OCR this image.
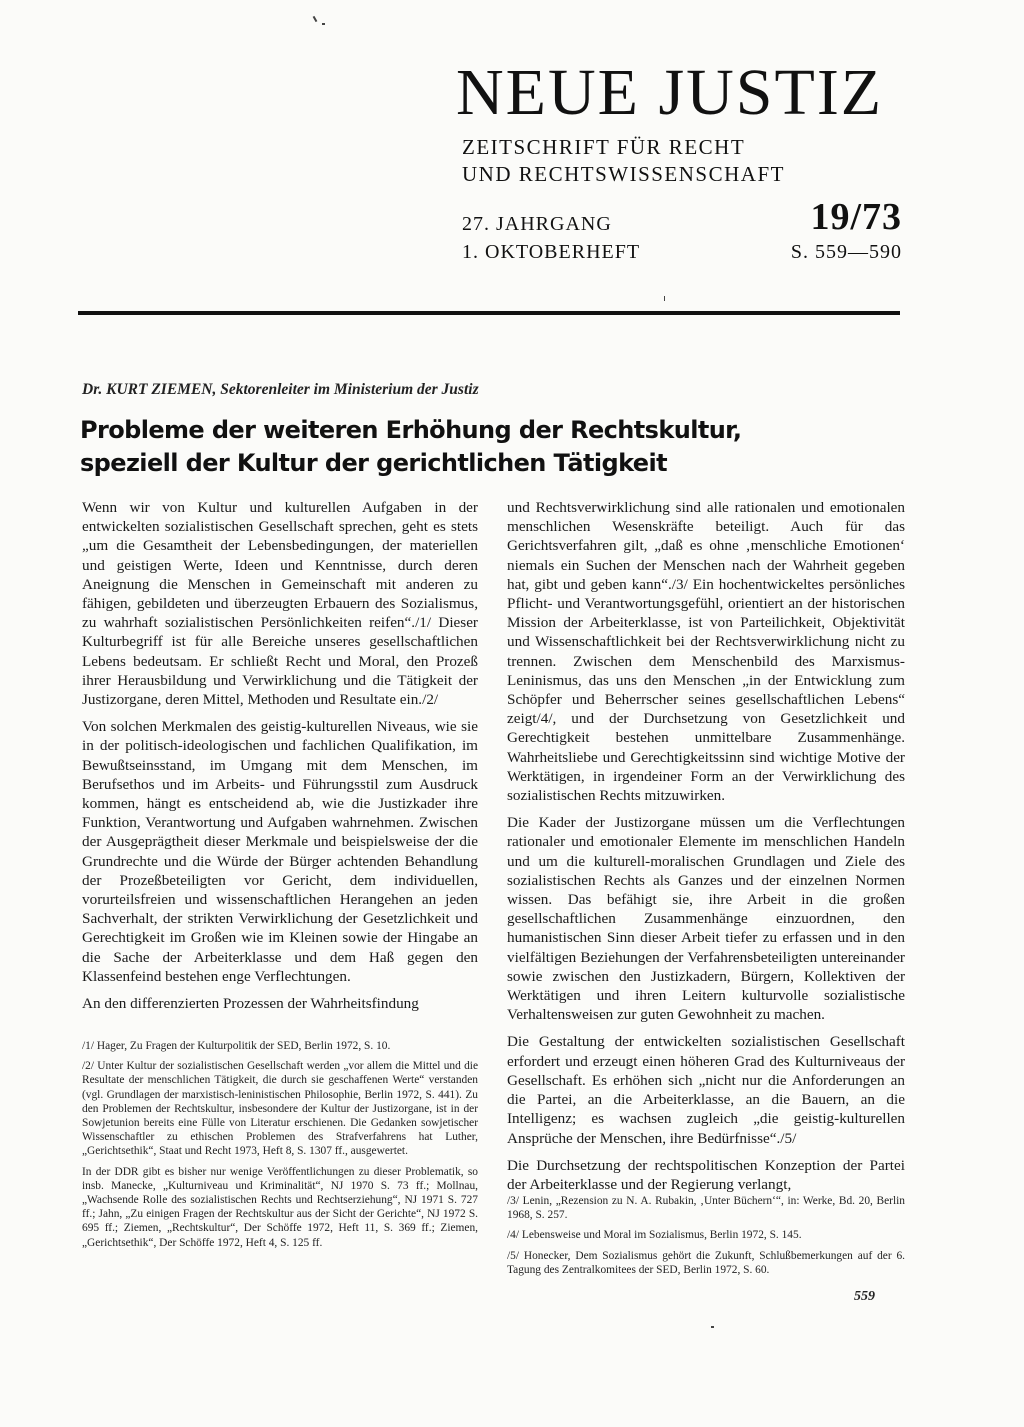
NEUE JUSTIZ
ZEITSCHRIFT FÜR RECHT
UND RECHTSWISSENSCHAFT
27. JAHRGANG
1. OKTOBERHEFT
19/73
S. 559—590
Dr. KURT ZIEMEN, Sektorenleiter im Ministerium der Justiz
Probleme der weiteren Erhöhung der Rechtskultur,
speziell der Kultur der gerichtlichen Tätigkeit

Wenn wir von Kultur und kulturellen Aufgaben in der entwickelten sozialistischen Gesellschaft sprechen, geht es stets „um die Gesamtheit der Lebensbedingungen, der materiellen und geistigen Werte, Ideen und Kenntnisse, durch deren Aneignung die Menschen in Gemeinschaft mit anderen zu fähigen, gebildeten und überzeugten Erbauern des Sozialismus, zu wahrhaft sozialistischen Persönlichkeiten reifen“./1/ Dieser Kulturbegriff ist für alle Bereiche unseres gesellschaftlichen Lebens bedeutsam. Er schließt Recht und Moral, den Prozeß ihrer Herausbildung und Verwirklichung und die Tätigkeit der Justizorgane, deren Mittel, Methoden und Resultate ein./2/

Von solchen Merkmalen des geistig-kulturellen Niveaus, wie sie in der politisch-ideologischen und fachlichen Qualifikation, im Bewußtseinsstand, im Umgang mit dem Menschen, im Berufsethos und im Arbeits- und Führungsstil zum Ausdruck kommen, hängt es entscheidend ab, wie die Justizkader ihre Funktion, Verantwortung und Aufgaben wahrnehmen. Zwischen der Ausgeprägtheit dieser Merkmale und beispielsweise der die Grundrechte und die Würde der Bürger achtenden Behandlung der Prozeßbeteiligten vor Gericht, dem individuellen, vorurteilsfreien und wissenschaftlichen Herangehen an jeden Sachverhalt, der strikten Verwirklichung der Gesetzlichkeit und Gerechtigkeit im Großen wie im Kleinen sowie der Hingabe an die Sache der Arbeiterklasse und dem Haß gegen den Klassenfeind bestehen enge Verflechtungen.

An den differenzierten Prozessen der Wahrheitsfindung

und Rechtsverwirklichung sind alle rationalen und emotionalen menschlichen Wesenskräfte beteiligt. Auch für das Gerichtsverfahren gilt, „daß es ohne ‚menschliche Emotionen‘ niemals ein Suchen der Menschen nach der Wahrheit gegeben hat, gibt und geben kann“./3/ Ein hochentwickeltes persönliches Pflicht- und Verantwortungsgefühl, orientiert an der historischen Mission der Arbeiterklasse, ist von Parteilichkeit, Objektivität und Wissenschaftlichkeit bei der Rechtsverwirklichung nicht zu trennen. Zwischen dem Menschenbild des Marxismus-Leninismus, das uns den Menschen „in der Entwicklung zum Schöpfer und Beherrscher seines gesellschaftlichen Lebens“ zeigt/4/, und der Durchsetzung von Gesetzlichkeit und Gerechtigkeit bestehen unmittelbare Zusammenhänge. Wahrheitsliebe und Gerechtigkeitssinn sind wichtige Motive der Werktätigen, in irgendeiner Form an der Verwirklichung des sozialistischen Rechts mitzuwirken.

Die Kader der Justizorgane müssen um die Verflechtungen rationaler und emotionaler Elemente im menschlichen Handeln und um die kulturell-moralischen Grundlagen und Ziele des sozialistischen Rechts als Ganzes und der einzelnen Normen wissen. Das befähigt sie, ihre Arbeit in die großen gesellschaftlichen Zusammenhänge einzuordnen, den humanistischen Sinn dieser Arbeit tiefer zu erfassen und in den vielfältigen Beziehungen der Verfahrensbeteiligten untereinander sowie zwischen den Justizkadern, Bürgern, Kollektiven der Werktätigen und ihren Leitern kulturvolle sozialistische Verhaltensweisen zur guten Gewohnheit zu machen.

Die Gestaltung der entwickelten sozialistischen Gesellschaft erfordert und erzeugt einen höheren Grad des Kulturniveaus der Gesellschaft. Es erhöhen sich „nicht nur die Anforderungen an die Partei, an die Arbeiterklasse, an die Bauern, an die Intelligenz; es wachsen zugleich „die geistig-kulturellen Ansprüche der Menschen, ihre Bedürfnisse“./5/

Die Durchsetzung der rechtspolitischen Konzeption der Partei der Arbeiterklasse und der Regierung verlangt,

/1/ Hager, Zu Fragen der Kulturpolitik der SED, Berlin 1972, S. 10.

/2/ Unter Kultur der sozialistischen Gesellschaft werden „vor allem die Mittel und die Resultate der menschlichen Tätigkeit, die durch sie geschaffenen Werte“ verstanden (vgl. Grundlagen der marxistisch-leninistischen Philosophie, Berlin 1972, S. 441). Zu den Problemen der Rechtskultur, insbesondere der Kultur der Justizorgane, ist in der Sowjetunion bereits eine Fülle von Literatur erschienen. Die Gedanken sowjetischer Wissenschaftler zu ethischen Problemen des Strafverfahrens hat Luther, „Gerichtsethik“, Staat und Recht 1973, Heft 8, S. 1307 ff., ausgewertet.

In der DDR gibt es bisher nur wenige Veröffentlichungen zu dieser Problematik, so insb. Manecke, „Kulturniveau und Kriminalität“, NJ 1970 S. 73 ff.; Mollnau, „Wachsende Rolle des sozialistischen Rechts und Rechtserziehung“, NJ 1971 S. 727 ff.; Jahn, „Zu einigen Fragen der Rechtskultur aus der Sicht der Gerichte“, NJ 1972 S. 695 ff.; Ziemen, „Rechtskultur“, Der Schöffe 1972, Heft 11, S. 369 ff.; Ziemen, „Gerichtsethik“, Der Schöffe 1972, Heft 4, S. 125 ff.

/3/ Lenin, „Rezension zu N. A. Rubakin, ‚Unter Büchern‘“, in: Werke, Bd. 20, Berlin 1968, S. 257.

/4/ Lebensweise und Moral im Sozialismus, Berlin 1972, S. 145.

/5/ Honecker, Dem Sozialismus gehört die Zukunft, Schlußbemerkungen auf der 6. Tagung des Zentralkomitees der SED, Berlin 1972, S. 60.

559
